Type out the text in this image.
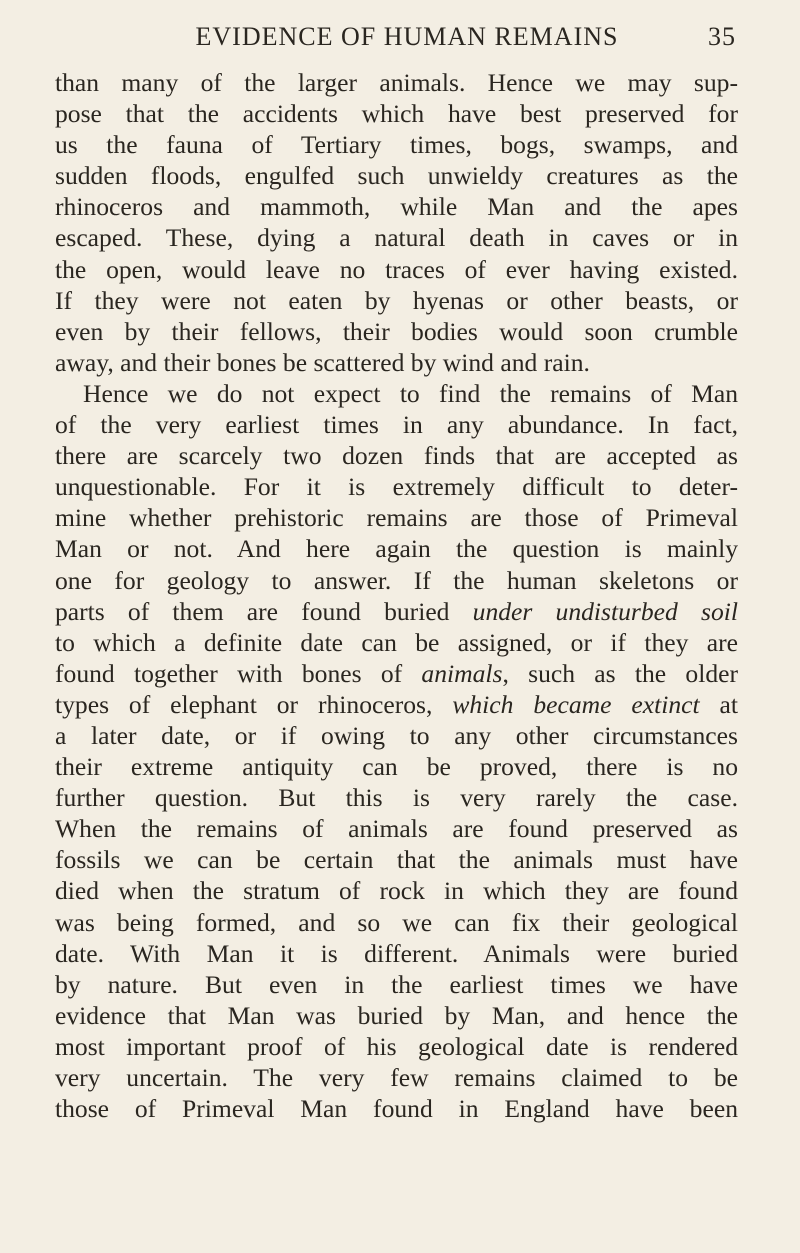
EVIDENCE OF HUMAN REMAINS	35
than many of the larger animals. Hence we may sup-
pose that the accidents which have best preserved for
us the fauna of Tertiary times, bogs, swamps, and
sudden floods, engulfed such unwieldy creatures as the
rhinoceros and mammoth, while Man and the apes
escaped. These, dying a natural death in caves or in
the open, would leave no traces of ever having existed.
If they were not eaten by hyenas or other beasts, or
even by their fellows, their bodies would soon crumble
away, and their bones be scattered by wind and rain.
Hence we do not expect to find the remains of Man
of the very earliest times in any abundance. In fact,
there are scarcely two dozen finds that are accepted as
unquestionable. For it is extremely difficult to deter-
mine whether prehistoric remains are those of Primeval
Man or not. And here again the question is mainly
one for geology to answer. If the human skeletons or
parts of them are found buried under undisturbed soil
to which a definite date can be assigned, or if they are
found together with bones of animals, such as the older
types of elephant or rhinoceros, which became extinct at
a later date, or if owing to any other circumstances
their extreme antiquity can be proved, there is no
further question. But this is very rarely the case.
When the remains of animals are found preserved as
fossils we can be certain that the animals must have
died when the stratum of rock in which they are found
was being formed, and so we can fix their geological
date. With Man it is different. Animals were buried
by nature. But even in the earliest times we have
evidence that Man was buried by Man, and hence the
most important proof of his geological date is rendered
very uncertain. The very few remains claimed to be
those of Primeval Man found in England have been
